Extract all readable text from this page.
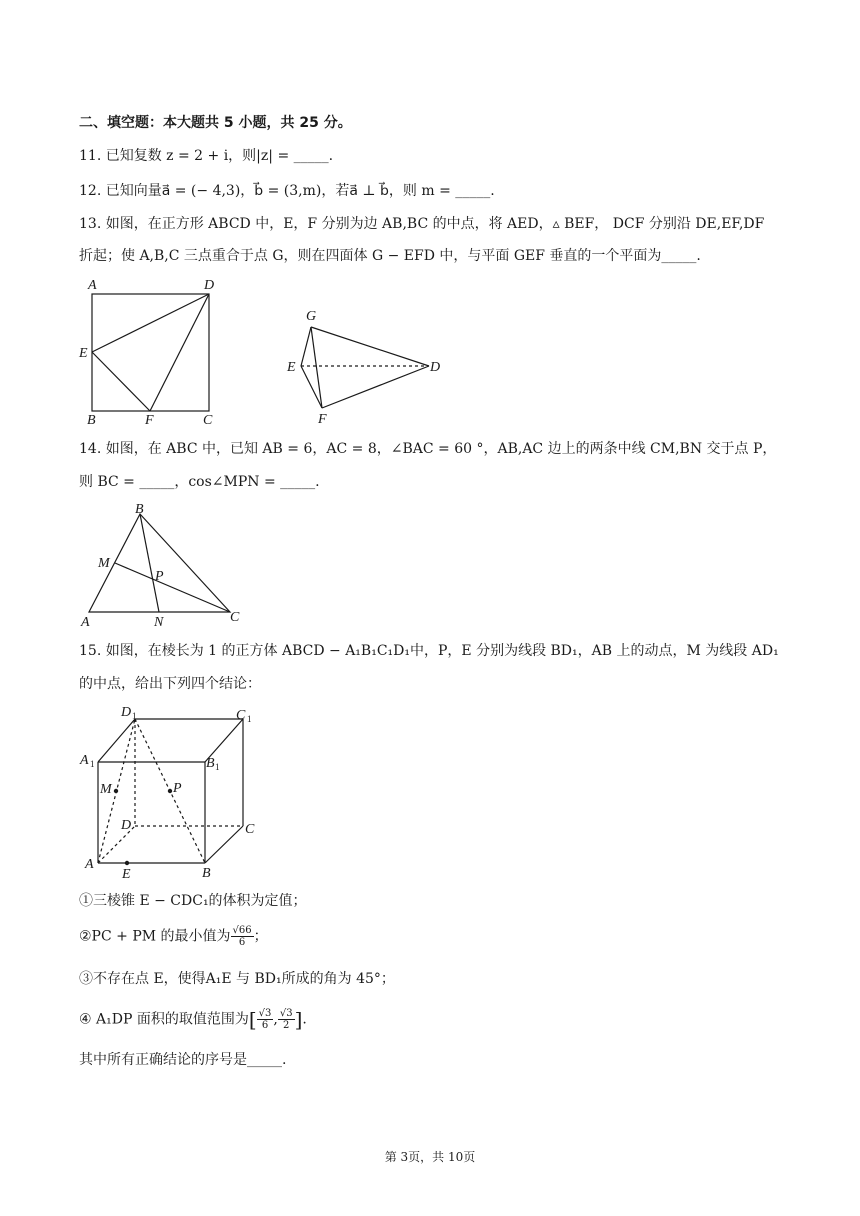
二、填空题：本大题共 5 小题，共 25 分。
11. 已知复数 z = 2 + i，则|z| = _____.
12. 已知向量a⃗ = (− 4,3)，b⃗ = (3,m)，若a⃗ ⊥ b⃗，则 m = _____.
13. 如图，在正方形 ABCD 中，E，F 分别为边 AB,BC 的中点，将 AED，▵ BEF， DCF 分别沿 DE,EF,DF
折起；使 A,B,C 三点重合于点 G，则在四面体 G − EFD 中，与平面 GEF 垂直的一个平面为_____.
A	D
E
B	F	C
G
E
F
D
14. 如图，在 ABC 中，已知 AB = 6，AC = 8，∠BAC = 60 °，AB,AC 边上的两条中线 CM,BN 交于点 P，
则 BC = _____，cos∠MPN = _____.
B
M
P
A	N	C
15. 如图，在棱长为 1 的正方体 ABCD − A₁B₁C₁D₁中，P，E 分别为线段 BD₁，AB 上的动点，M 为线段 AD₁
的中点，给出下列四个结论：
D 1	C 1
A 1	B 1
M	P
D	C
A
B
E
①三棱锥 E − CDC₁的体积为定值；
②PC + PM 的最小值为 $\frac{√66}{6}$ ；
③不存在点 E，使得A₁E 与 BD₁所成的角为 45°；
④ A₁DP 面积的取值范围为[ $\frac{√3}{6}$ , $\frac{√3}{2}$ ].
其中所有正确结论的序号是_____.
第 3页，共 10页
